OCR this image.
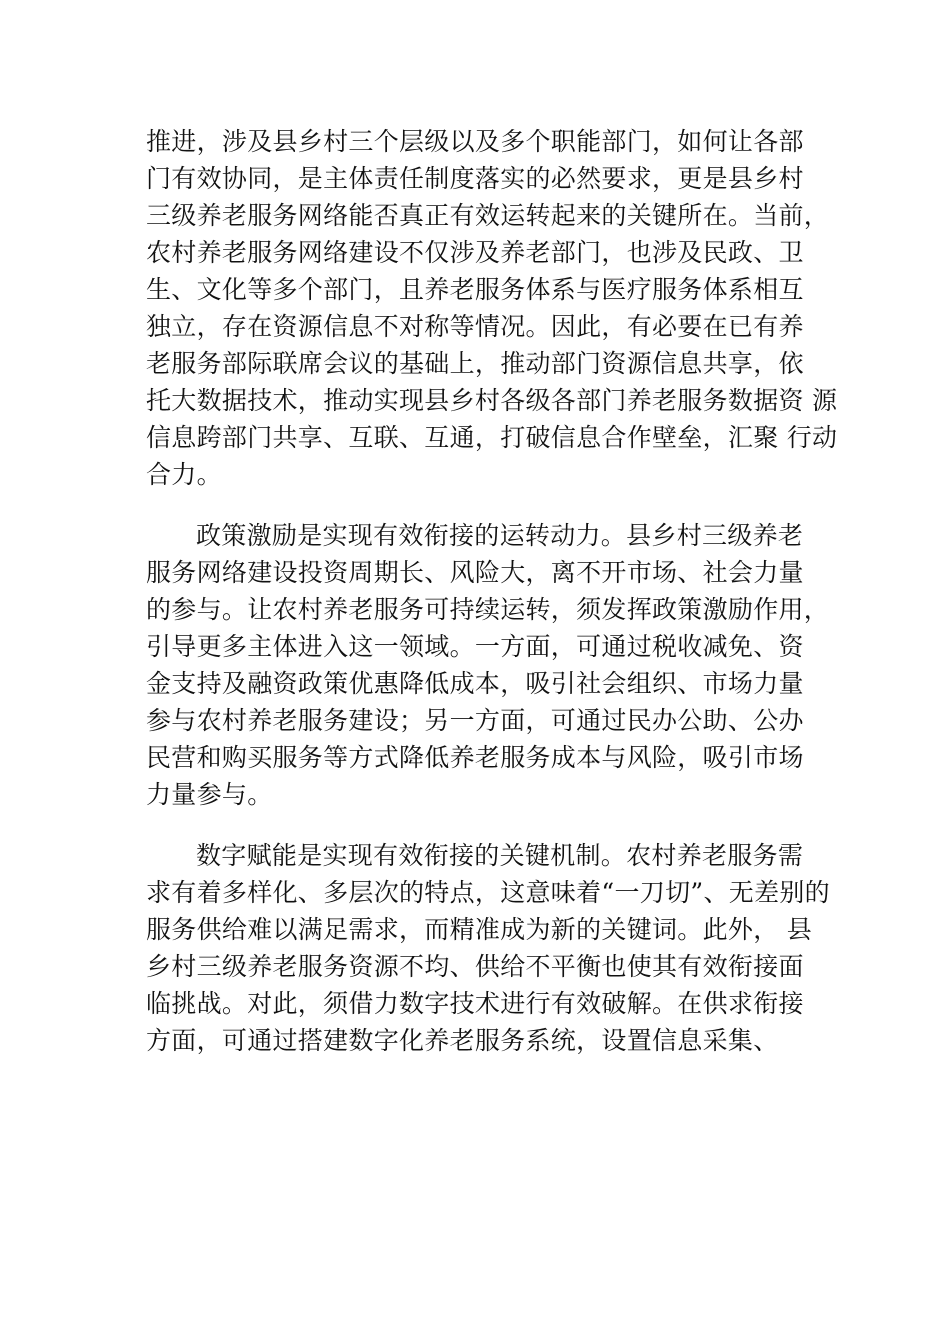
推进，涉及县乡村三个层级以及多个职能部门，如何让各部
门有效协同，是主体责任制度落实的必然要求，更是县乡村
三级养老服务网络能否真正有效运转起来的关键所在。当前，
农村养老服务网络建设不仅涉及养老部门，也涉及民政、卫
生、文化等多个部门，且养老服务体系与医疗服务体系相互
独立，存在资源信息不对称等情况。因此，有必要在已有养
老服务部际联席会议的基础上，推动部门资源信息共享，依
托大数据技术，推动实现县乡村各级各部门养老服务数据资 源
信息跨部门共享、互联、互通，打破信息合作壁垒，汇聚 行动
合力。
政策激励是实现有效衔接的运转动力。县乡村三级养老
服务网络建设投资周期长、风险大，离不开市场、社会力量
的参与。让农村养老服务可持续运转，须发挥政策激励作用，
引导更多主体进入这一领域。一方面，可通过税收减免、资
金支持及融资政策优惠降低成本，吸引社会组织、市场力量
参与农村养老服务建设；另一方面，可通过民办公助、公办
民营和购买服务等方式降低养老服务成本与风险，吸引市场
力量参与。
数字赋能是实现有效衔接的关键机制。农村养老服务需
求有着多样化、多层次的特点，这意味着“一刀切”、无差别的
服务供给难以满足需求，而精准成为新的关键词。此外， 县
乡村三级养老服务资源不均、供给不平衡也使其有效衔接面
临挑战。对此，须借力数字技术进行有效破解。在供求衔接
方面，可通过搭建数字化养老服务系统，设置信息采集、
